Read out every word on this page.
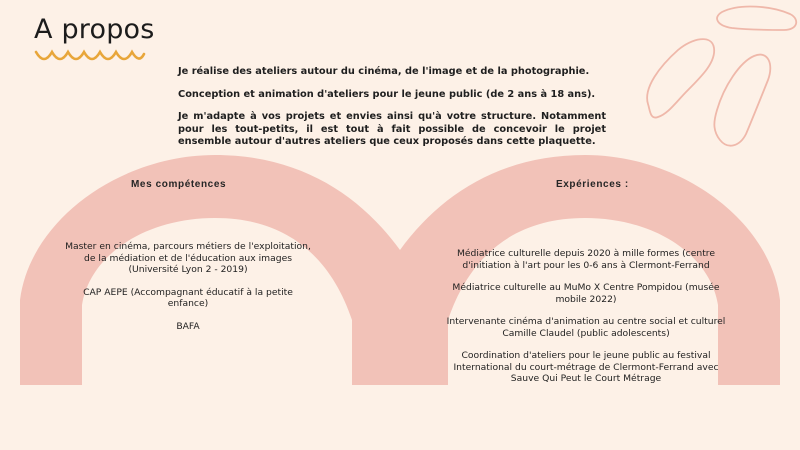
A propos

Je réalise des ateliers autour du cinéma, de l'image et de la photographie.

Conception et animation d'ateliers pour le jeune public (de 2 ans à 18 ans).

Je m'adapte à vos projets et envies ainsi qu'à votre structure. Notamment pour les tout-petits, il est tout à fait possible de concevoir le projet ensemble autour d'autres ateliers que ceux proposés dans cette plaquette.

Mes compétences	Expériences :

Master en cinéma, parcours métiers de l'exploitation, de la médiation et de l'éducation aux images

(Université Lyon 2 - 2019)

CAP AEPE (Accompagnant éducatif à la petite enfance)

BAFA

Médiatrice culturelle depuis 2020 à mille formes (centre d'initiation à l'art pour les 0-6 ans à Clermont-Ferrand

Médiatrice culturelle au MuMo X Centre Pompidou (musée mobile 2022)

Intervenante cinéma d'animation au centre social et culturel Camille Claudel (public adolescents)

Coordination d'ateliers pour le jeune public au festival International du court-métrage de Clermont-Ferrand avec Sauve Qui Peut le Court Métrage
